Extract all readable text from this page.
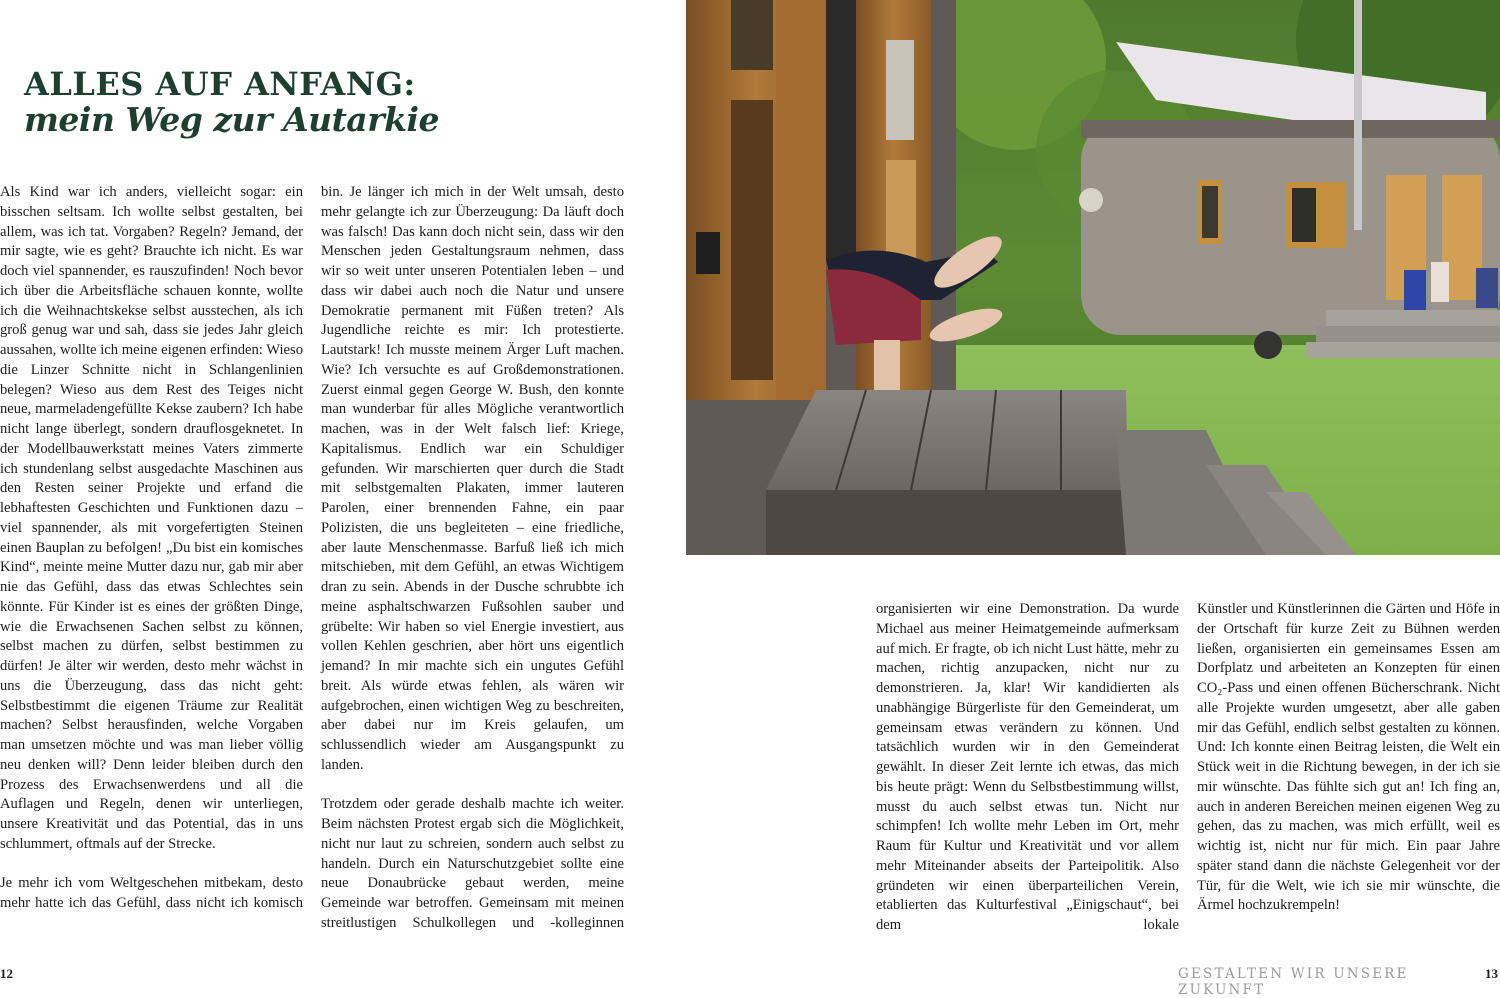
ALLES AUF ANFANG:
mein Weg zur Autarkie

Als Kind war ich anders, vielleicht sogar: ein bisschen seltsam. Ich wollte selbst gestalten, bei allem, was ich tat. Vorgaben? Regeln? Jemand, der mir sagte, wie es geht? Brauchte ich nicht. Es war doch viel spannender, es rauszufinden! Noch bevor ich über die Arbeitsfläche schauen konnte, wollte ich die Weihnachtskekse selbst ausstechen, als ich groß genug war und sah, dass sie jedes Jahr gleich aussahen, wollte ich meine eigenen erfinden: Wieso die Linzer Schnitte nicht in Schlangenlinien belegen? Wieso aus dem Rest des Teiges nicht neue, marmeladengefüllte Kekse zaubern? Ich habe nicht lange überlegt, sondern drauflosgeknetet. In der Modellbauwerkstatt meines Vaters zimmerte ich stundenlang selbst ausgedachte Maschinen aus den Resten seiner Projekte und erfand die lebhaftesten Geschichten und Funktionen dazu – viel spannender, als mit vorgefertigten Steinen einen Bauplan zu befolgen! „Du bist ein komisches Kind“, meinte meine Mutter dazu nur, gab mir aber nie das Gefühl, dass das etwas Schlechtes sein könnte. Für Kinder ist es eines der größten Dinge, wie die Erwachsenen Sachen selbst zu können, selbst machen zu dürfen, selbst bestimmen zu dürfen! Je älter wir werden, desto mehr wächst in uns die Überzeugung, dass das nicht geht: Selbstbestimmt die eigenen Träume zur Realität machen? Selbst herausfinden, welche Vorgaben man umsetzen möchte und was man lieber völlig neu denken will? Denn leider bleiben durch den Prozess des Erwachsenwerdens und all die Auflagen und Regeln, denen wir unterliegen, unsere Kreativität und das Potential, das in uns schlummert, oftmals auf der Strecke.

Je mehr ich vom Weltgeschehen mitbekam, desto mehr hatte ich das Gefühl, dass nicht ich komisch

bin. Je länger ich mich in der Welt umsah, desto mehr gelangte ich zur Überzeugung: Da läuft doch was falsch! Das kann doch nicht sein, dass wir den Menschen jeden Gestaltungsraum nehmen, dass wir so weit unter unseren Potentialen leben – und dass wir dabei auch noch die Natur und unsere Demokratie permanent mit Füßen treten? Als Jugendliche reichte es mir: Ich protestierte. Lautstark! Ich musste meinem Ärger Luft machen. Wie? Ich versuchte es auf Großdemonstrationen. Zuerst einmal gegen George W. Bush, den konnte man wunderbar für alles Mögliche verantwortlich machen, was in der Welt falsch lief: Kriege, Kapitalismus. Endlich war ein Schuldiger gefunden. Wir marschierten quer durch die Stadt mit selbstgemalten Plakaten, immer lauteren Parolen, einer brennenden Fahne, ein paar Polizisten, die uns begleiteten – eine friedliche, aber laute Menschenmasse. Barfuß ließ ich mich mitschieben, mit dem Gefühl, an etwas Wichtigem dran zu sein. Abends in der Dusche schrubbte ich meine asphaltschwarzen Fußsohlen sauber und grübelte: Wir haben so viel Energie investiert, aus vollen Kehlen geschrien, aber hört uns eigentlich jemand? In mir machte sich ein ungutes Gefühl breit. Als würde etwas fehlen, als wären wir aufgebrochen, einen wichtigen Weg zu beschreiten, aber dabei nur im Kreis gelaufen, um schlussendlich wieder am Ausgangspunkt zu landen.

Trotzdem oder gerade deshalb machte ich weiter. Beim nächsten Protest ergab sich die Möglichkeit, nicht nur laut zu schreien, sondern auch selbst zu handeln. Durch ein Naturschutzgebiet sollte eine neue Donaubrücke gebaut werden, meine Gemeinde war betroffen. Gemeinsam mit meinen streitlustigen Schulkollegen und -kolleginnen

organisierten wir eine Demonstration. Da wurde Michael aus meiner Heimatgemeinde aufmerksam auf mich. Er fragte, ob ich nicht Lust hätte, mehr zu machen, richtig anzupacken, nicht nur zu demonstrieren. Ja, klar! Wir kandidierten als unabhängige Bürgerliste für den Gemeinderat, um gemeinsam etwas verändern zu können. Und tatsächlich wurden wir in den Gemeinderat gewählt. In dieser Zeit lernte ich etwas, das mich bis heute prägt: Wenn du Selbstbestimmung willst, musst du auch selbst etwas tun. Nicht nur schimpfen! Ich wollte mehr Leben im Ort, mehr Raum für Kultur und Kreativität und vor allem mehr Miteinander abseits der Parteipolitik. Also gründeten wir einen überparteilichen Verein, etablierten das Kulturfestival „Einigschaut“, bei dem lokale

Künstler und Künstlerinnen die Gärten und Höfe in der Ortschaft für kurze Zeit zu Bühnen werden ließen, organisierten ein gemeinsames Essen am Dorfplatz und arbeiteten an Konzepten für einen CO₂-Pass und einen offenen Bücherschrank. Nicht alle Projekte wurden umgesetzt, aber alle gaben mir das Gefühl, endlich selbst gestalten zu können. Und: Ich konnte einen Beitrag leisten, die Welt ein Stück weit in die Richtung bewegen, in der ich sie mir wünschte. Das fühlte sich gut an! Ich fing an, auch in anderen Bereichen meinen eigenen Weg zu gehen, das zu machen, was mich erfüllt, weil es wichtig ist, nicht nur für mich. Ein paar Jahre später stand dann die nächste Gelegenheit vor der Tür, für die Welt, wie ich sie mir wünschte, die Ärmel hochzukrempeln!

12	GESTALTEN WIR UNSERE ZUKUNFT
13
